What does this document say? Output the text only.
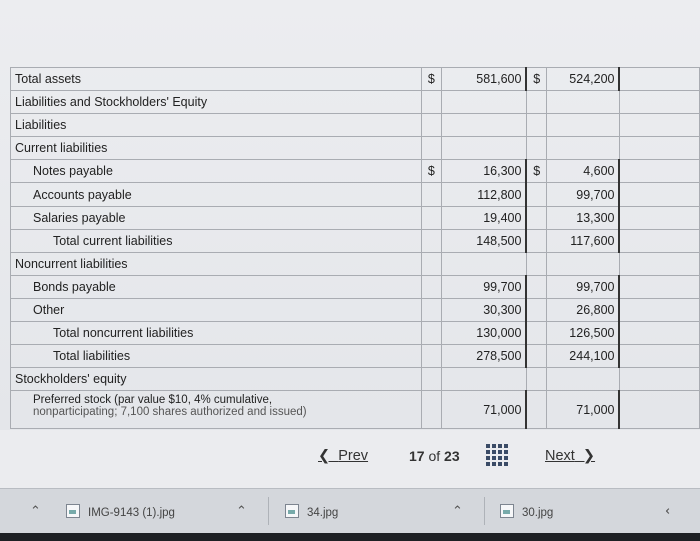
Total assets	$	581,600	$	524,200	
Liabilities and Stockholders' Equity					
Liabilities					
Current liabilities					
Notes payable	$	16,300	$	4,600	
Accounts payable		112,800		99,700	
Salaries payable		19,400		13,300	
Total current liabilities		148,500		117,600	
Noncurrent liabilities					
Bonds payable		99,700		99,700	
Other		30,300		26,800	
Total noncurrent liabilities		130,000		126,500	
Total liabilities		278,500		244,100	
Stockholders' equity					

Preferred stock (par value $10, 4% cumulative,
nonparticipating; 7,100 shares authorized and issued)		71,000		71,000	
❮  Prev	17 of 23	Next  ❯
⌃	IMG-9143 (1).jpg	⌃	34.jpg	⌃	30.jpg	⌃
